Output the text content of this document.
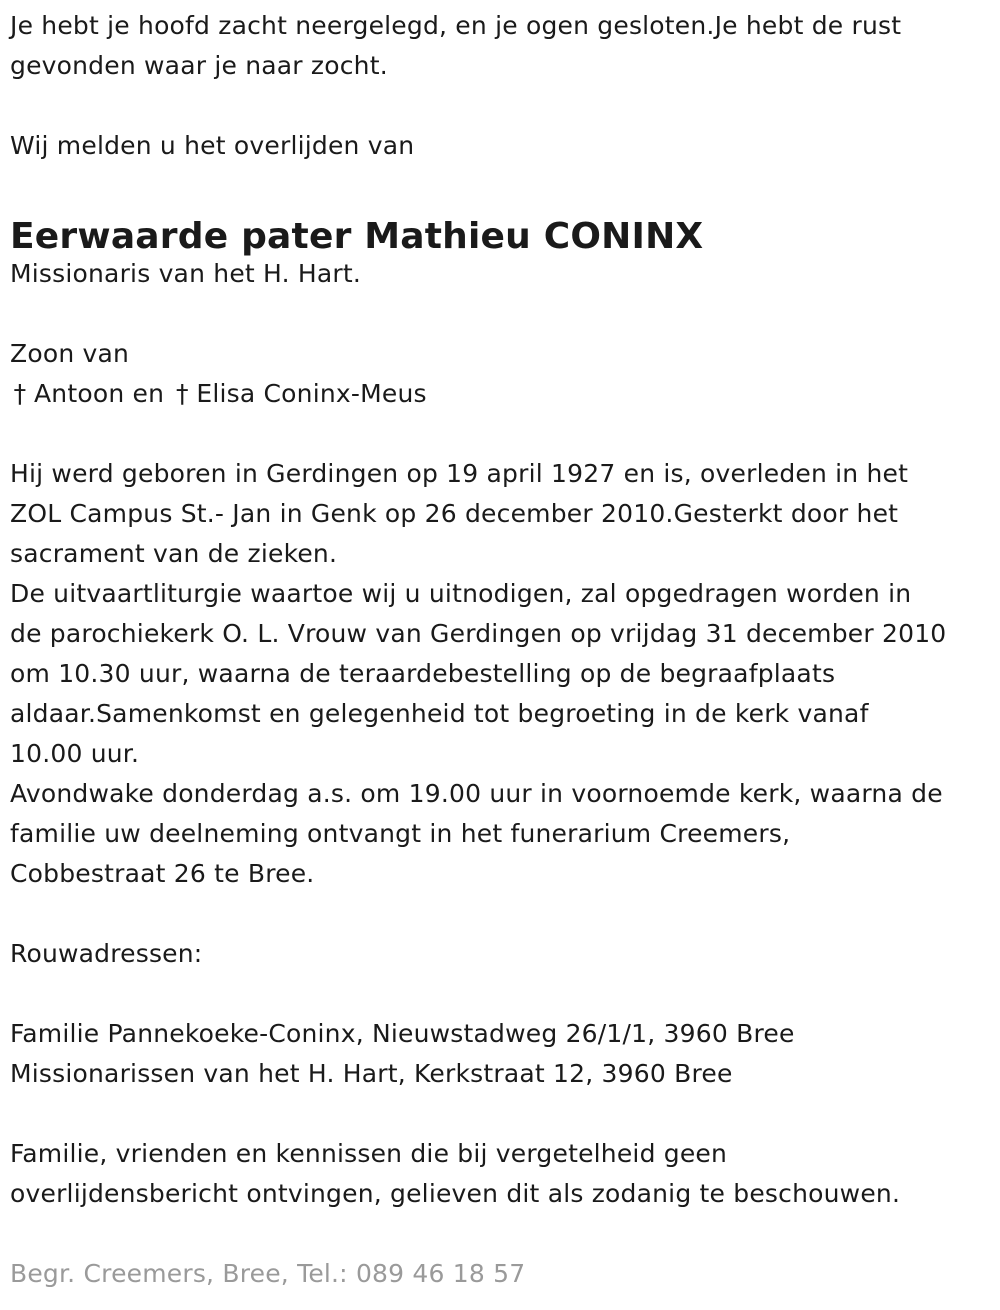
Je hebt je hoofd zacht neergelegd, en je ogen gesloten.Je hebt de rust
gevonden waar je naar zocht.
Wij melden u het overlijden van
Eerwaarde pater Mathieu CONINX
Missionaris van het H. Hart.
Zoon van
† Antoon en † Elisa Coninx-Meus
Hij werd geboren in Gerdingen op 19 april 1927 en is, overleden in het
ZOL Campus St.- Jan in Genk op 26 december 2010.Gesterkt door het
sacrament van de zieken.
De uitvaartliturgie waartoe wij u uitnodigen, zal opgedragen worden in
de parochiekerk O. L. Vrouw van Gerdingen op vrijdag 31 december 2010
om 10.30 uur, waarna de teraardebestelling op de begraafplaats
aldaar.Samenkomst en gelegenheid tot begroeting in de kerk vanaf
10.00 uur.
Avondwake donderdag a.s. om 19.00 uur in voornoemde kerk, waarna de
familie uw deelneming ontvangt in het funerarium Creemers,
Cobbestraat 26 te Bree.
Rouwadressen:
Familie Pannekoeke-Coninx, Nieuwstadweg 26/1/1, 3960 Bree
Missionarissen van het H. Hart, Kerkstraat 12, 3960 Bree
Familie, vrienden en kennissen die bij vergetelheid geen
overlijdensbericht ontvingen, gelieven dit als zodanig te beschouwen.
Begr. Creemers, Bree, Tel.: 089 46 18 57
